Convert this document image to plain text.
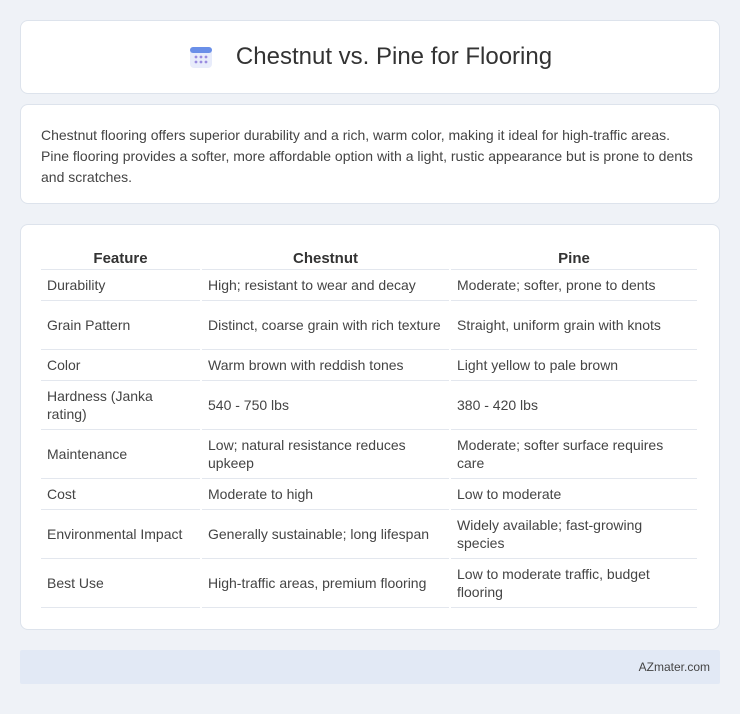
Chestnut vs. Pine for Flooring

Chestnut flooring offers superior durability and a rich, warm color, making it ideal for high-traffic areas. Pine flooring provides a softer, more affordable option with a light, rustic appearance but is prone to dents and scratches.

Feature	Chestnut	Pine
Durability	High; resistant to wear and decay	Moderate; softer, prone to dents
Grain Pattern	Distinct, coarse grain with rich texture	Straight, uniform grain with knots
Color	Warm brown with reddish tones	Light yellow to pale brown
Hardness (Janka rating)	540 - 750 lbs	380 - 420 lbs
Maintenance	Low; natural resistance reduces upkeep	Moderate; softer surface requires care
Cost	Moderate to high	Low to moderate
Environmental Impact	Generally sustainable; long lifespan	Widely available; fast-growing species
Best Use	High-traffic areas, premium flooring	Low to moderate traffic, budget flooring
AZmater.com
